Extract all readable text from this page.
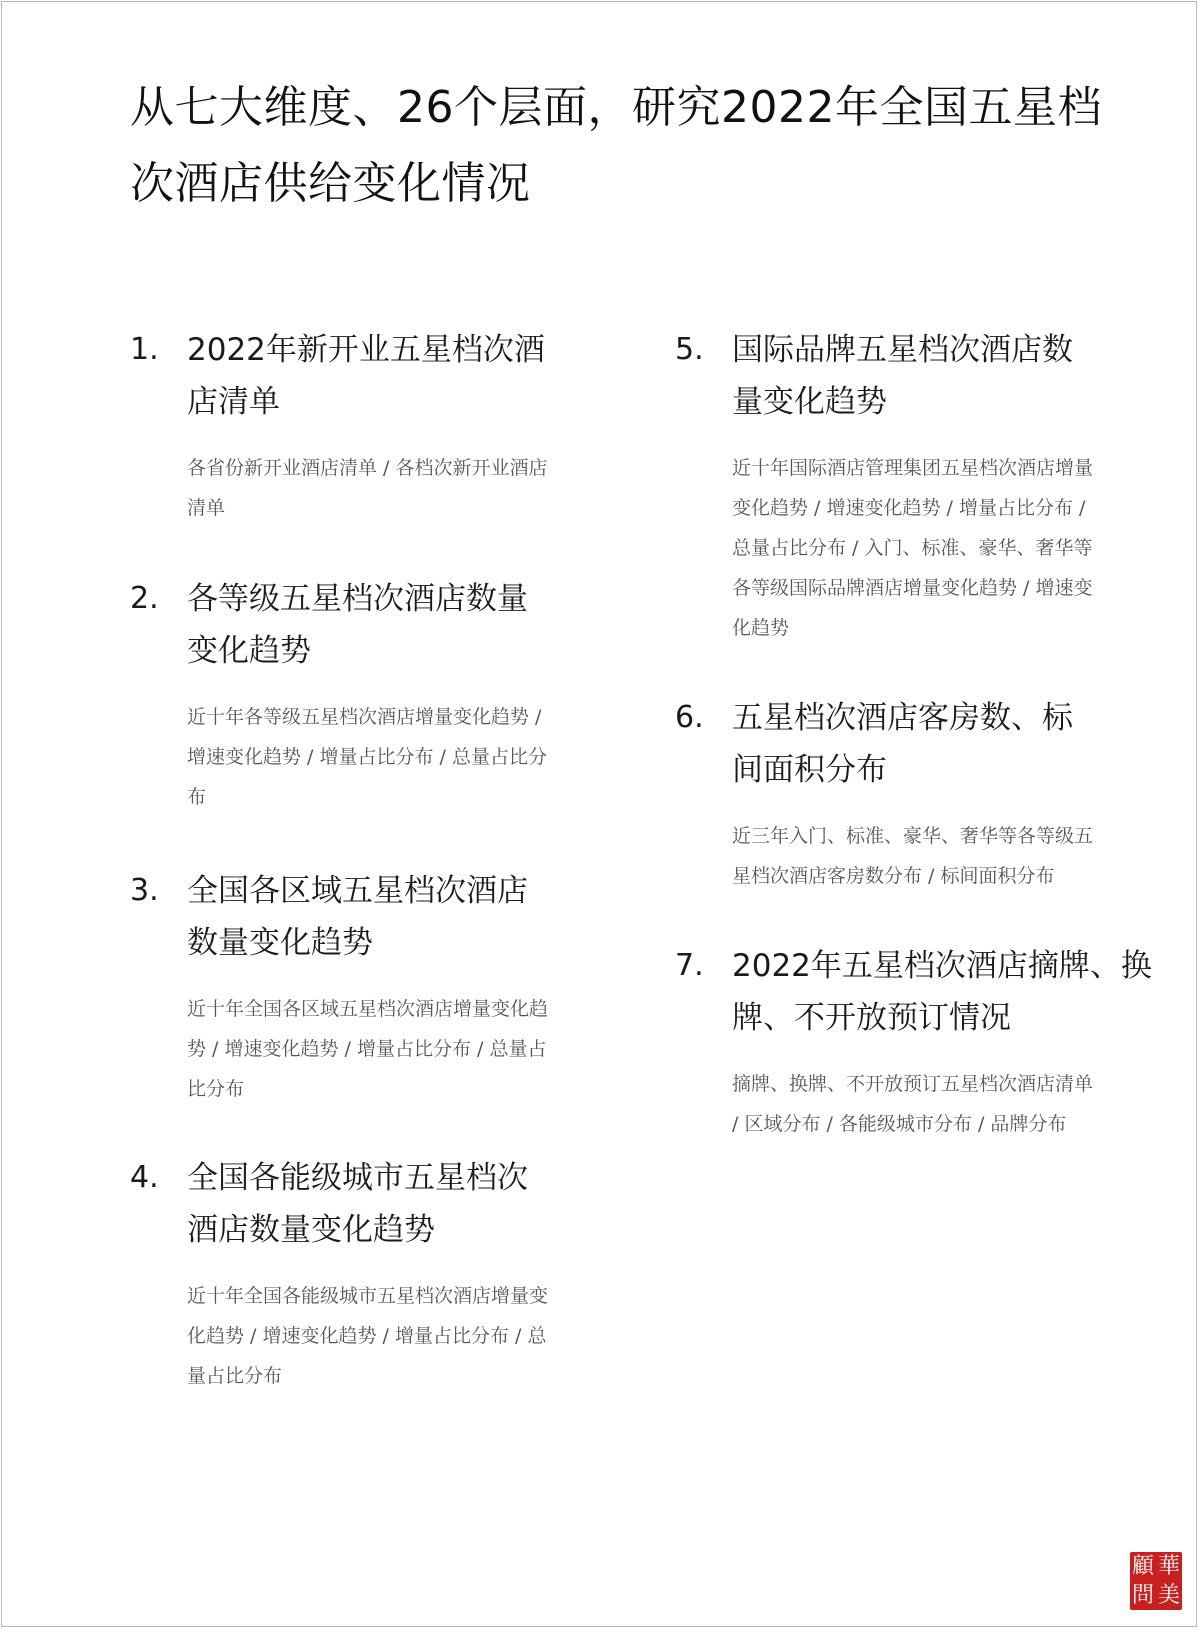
从七大维度、26个层面，研究2022年全国五星档次酒店供给变化情况
1. 2022年新开业五星档次酒店清单

各省份新开业酒店清单 / 各档次新开业酒店清单

2. 各等级五星档次酒店数量变化趋势

近十年各等级五星档次酒店增量变化趋势 / 增速变化趋势 / 增量占比分布 / 总量占比分布

3. 全国各区域五星档次酒店数量变化趋势

近十年全国各区域五星档次酒店增量变化趋势 / 增速变化趋势 / 增量占比分布 / 总量占比分布

4. 全国各能级城市五星档次酒店数量变化趋势

近十年全国各能级城市五星档次酒店增量变化趋势 / 增速变化趋势 / 增量占比分布 / 总量占比分布

5. 国际品牌五星档次酒店数量变化趋势

近十年国际酒店管理集团五星档次酒店增量变化趋势 / 增速变化趋势 / 增量占比分布 / 总量占比分布 / 入门、标准、豪华、奢华等各等级国际品牌酒店增量变化趋势 / 增速变化趋势

6. 五星档次酒店客房数、标间面积分布

近三年入门、标准、豪华、奢华等各等级五星档次酒店客房数分布 / 标间面积分布

7. 2022年五星档次酒店摘牌、换牌、不开放预订情况

摘牌、换牌、不开放预订五星档次酒店清单 / 区域分布 / 各能级城市分布 / 品牌分布

顧 華
問 美
